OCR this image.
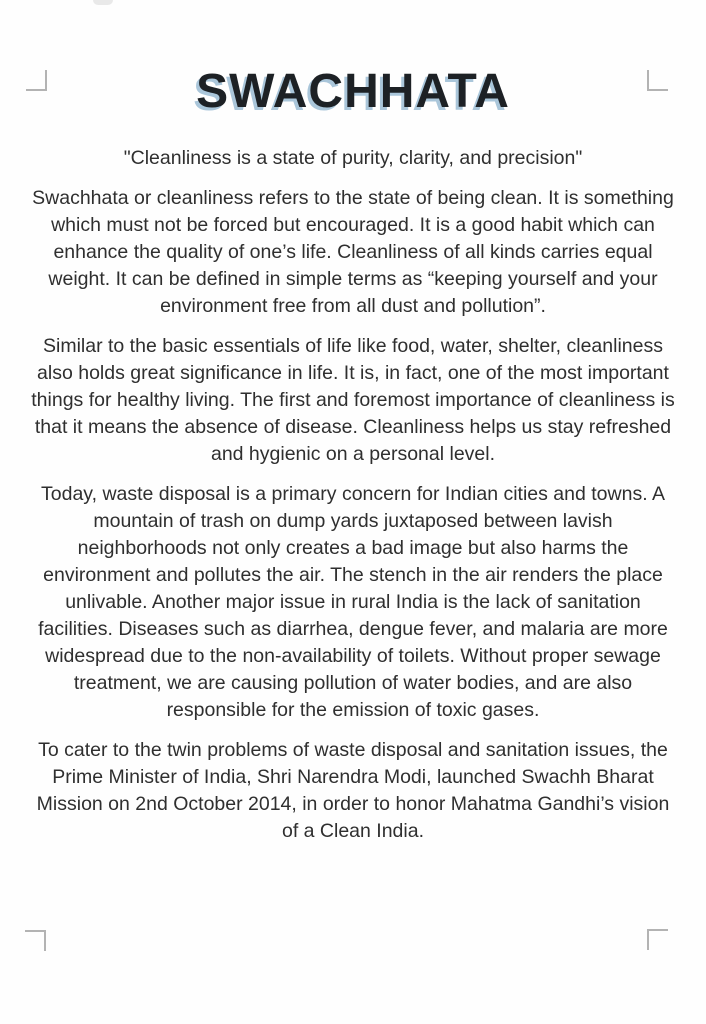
SWACHHATA

"Cleanliness is a state of purity, clarity, and precision"

Swachhata or cleanliness refers to the state of being clean. It is something which must not be forced but encouraged. It is a good habit which can enhance the quality of one’s life. Cleanliness of all kinds carries equal weight. It can be defined in simple terms as “keeping yourself and your environment free from all dust and pollution”.

Similar to the basic essentials of life like food, water, shelter, cleanliness also holds great significance in life. It is, in fact, one of the most important things for healthy living. The first and foremost importance of cleanliness is that it means the absence of disease. Cleanliness helps us stay refreshed and hygienic on a personal level.

Today, waste disposal is a primary concern for Indian cities and towns. A mountain of trash on dump yards juxtaposed between lavish neighborhoods not only creates a bad image but also harms the environment and pollutes the air. The stench in the air renders the place unlivable. Another major issue in rural India is the lack of sanitation facilities. Diseases such as diarrhea, dengue fever, and malaria are more widespread due to the non-availability of toilets. Without proper sewage treatment, we are causing pollution of water bodies, and are also responsible for the emission of toxic gases.

To cater to the twin problems of waste disposal and sanitation issues, the Prime Minister of India, Shri Narendra Modi, launched Swachh Bharat Mission on 2nd October 2014, in order to honor Mahatma Gandhi’s vision of a Clean India.
